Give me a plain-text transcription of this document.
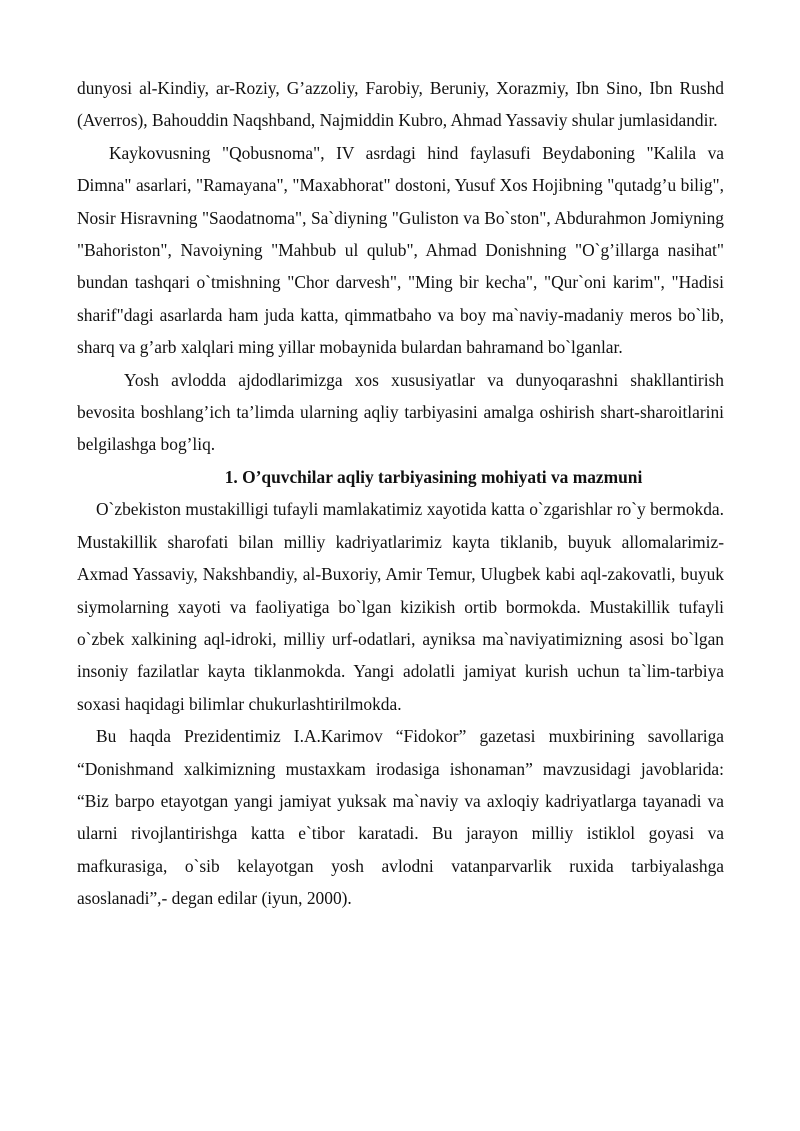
dunyosi al-Kindiy, ar-Roziy, G’azzoliy, Farobiy, Beruniy, Xorazmiy, Ibn Sino, Ibn Rushd (Averros), Bahouddin Naqshband, Najmiddin Kubro, Ahmad Yassaviy shular jumlasidandir.

Kaykovusning "Qobusnoma", IV asrdagi hind faylasufi Beydaboning "Kalila va Dimna" asarlari, "Ramayana", "Maxabhorat" dostoni, Yusuf Xos Hojibning "qutadg’u bilig", Nosir Hisravning "Saodatnoma", Sa`diyning "Guliston va Bo`ston", Abdurahmon Jomiyning "Bahoriston", Navoiyning "Mahbub ul qulub", Ahmad Donishning "O`g’illarga nasihat" bundan tashqari o`tmishning "Chor darvesh", "Ming bir kecha", "Qur`oni karim", "Hadisi sharif"dagi asarlarda ham juda katta, qimmatbaho va boy ma`naviy-madaniy meros bo`lib, sharq va g’arb xalqlari ming yillar mobaynida bulardan bahramand bo`lganlar.

Yosh avlodda ajdodlarimizga xos xususiyatlar va dunyoqarashni shakllantirish bevosita boshlang’ich ta’limda ularning aqliy tarbiyasini amalga oshirish shart-sharoitlarini belgilashga bog’liq.

1. O’quvchilar aqliy tarbiyasining mohiyati va mazmuni

O`zbekiston mustakilligi tufayli mamlakatimiz xayotida katta o`zgarishlar ro`y bermokda. Mustakillik sharofati bilan milliy kadriyatlarimiz kayta tiklanib, buyuk allomalarimiz-Axmad Yassaviy, Nakshbandiy, al-Buxoriy, Amir Temur, Ulugbek kabi aql-zakovatli, buyuk siymolarning xayoti va faoliyatiga bo`lgan kizikish ortib bormokda. Mustakillik tufayli o`zbek xalkining aql-idroki, milliy urf-odatlari, ayniksa ma`naviyatimizning asosi bo`lgan insoniy fazilatlar kayta tiklanmokda. Yangi adolatli jamiyat kurish uchun ta`lim-tarbiya soxasi haqidagi bilimlar chukurlashtirilmokda.

Bu haqda Prezidentimiz I.A.Karimov “Fidokor” gazetasi muxbirining savollariga “Donishmand xalkimizning mustaxkam irodasiga ishonaman” mavzusidagi javoblarida: “Biz barpo etayotgan yangi jamiyat yuksak ma`naviy va axloqiy kadriyatlarga tayanadi va ularni rivojlantirishga katta e`tibor karatadi. Bu jarayon milliy istiklol goyasi va mafkurasiga, o`sib kelayotgan yosh avlodni vatanparvarlik ruxida tarbiyalashga asoslanadi”,- degan edilar (iyun, 2000).
